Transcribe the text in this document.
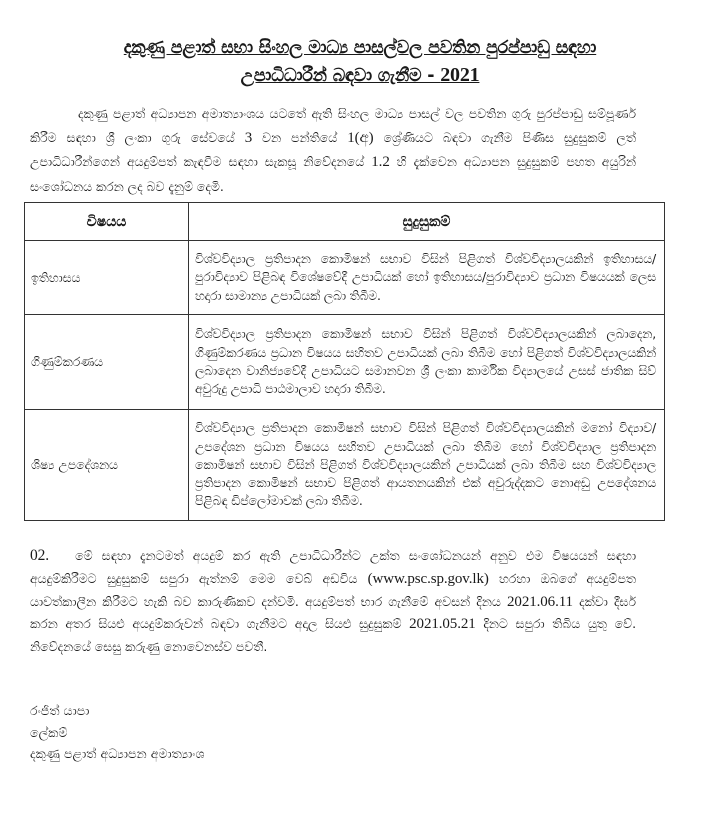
දකුණු පළාත් සභා සිංහල මාධ්‍ය පාසල්වල පවතින පුරප්පාඩු සඳහා
උපාධිධාරීන් බඳවා ගැනීම - 2021
දකුණු පළාත් අධ්‍යාපන අමාත්‍යාංශය යටතේ ඇති සිංහල මාධ්‍ය පාසල් වල පවතින ගුරු පුරප්පාඩු සම්පූර්ණ කිරීම සඳහා ශ්‍රී ලංකා ගුරු සේවයේ 3 වන පන්තියේ 1(අ) ශ්‍රේණියට බඳවා ගැනීම පිණිස සුදුසුකම් ලත් උපාධිධාරීන්ගෙන් අයදුම්පත් කැඳවීම සඳහා සැකසූ නිවේදනයේ 1.2 හි දැක්වෙන අධ්‍යාපන සුදුසුකම් පහත අයුරින් සංශෝධනය කරන ලද බව දැනුම් දෙමි.
විෂයය	සුදුසුකම්
ඉතිහාසය	විශ්වවිද්‍යාල ප්‍රතිපාදන කොමිෂන් සභාව විසින් පිළිගත් විශ්වවිද්‍යාලයකින් ඉතිහාසය/පුරාවිද්‍යාව පිළිබඳ විශේෂවේදී උපාධියක් හෝ ඉතිහාසය/පුරාවිද්‍යාව ප්‍රධාන විෂයයක් ලෙස හදාරා සාමාන්‍ය උපාධියක් ලබා තිබීම.
ගිණුම්කරණය	විශ්වවිද්‍යාල ප්‍රතිපාදන කොමිෂන් සභාව විසින් පිළිගත් විශ්වවිද්‍යාලයකින් ලබාදෙන, ගිණුම්කරණය ප්‍රධාන විෂයය සහිතව උපාධියක් ලබා තිබීම හෝ පිළිගත් විශ්වවිද්‍යාලයකින් ලබාදෙන වානිජ්‍යවේදී උපාධියට සමානවන ශ්‍රී ලංකා කාර්මික විද්‍යාලයේ උසස් ජාතික සිව් අවුරුදු උපාධි පාඨමාලාව හදාරා තිබීම.
ශිෂ්‍ය උපදේශනය	විශ්වවිද්‍යාල ප්‍රතිපාදන කොමිෂන් සභාව විසින් පිළිගත් විශ්වවිද්‍යාලයකින් මනෝ විද්‍යාව/උපදේශන ප්‍රධාන විෂයය සහිතව උපාධියක් ලබා තිබීම හෝ විශ්වවිද්‍යාල ප්‍රතිපාදන කොමිෂන් සභාව විසින් පිළිගත් විශ්වවිද්‍යාලයකින් උපාධියක් ලබා තිබීම සහ විශ්වවිද්‍යාල ප්‍රතිපාදන කොමිෂන් සභාව පිළිගත් ආයතනයකින් එක් අවුරුද්දකට නොඅඩු උපදේශනය පිළිබඳ ඩිප්ලෝමාවක් ලබා තිබීම.
02. මේ සඳහා දැනටමත් අයදුම් කර ඇති උපාධිධාරීන්ට උක්ත සංශෝධනයන් අනුව එම විෂයයන් සඳහා අයදුම්කිරීමට සුදුසුකම් සපුරා ඇත්නම් මෙම වෙබ් අඩවිය (www.psc.sp.gov.lk) හරහා ඔබගේ අයදුම්පත යාවත්කාලීන කිරීමට හැකි බව කාරුණිකව දන්වමි. අයදුම්පත් භාර ගැනීමේ අවසන් දිනය 2021.06.11 දක්වා දීර්ඝ කරන අතර සියළු අයදුම්කරුවන් බඳවා ගැනීමට අදාල සියළු සුදුසුකම් 2021.05.21 දිනට සපුරා තිබිය යුතු වේ. නිවේදනයේ සෙසු කරුණු නොවෙනස්ව පවතී.
රංජිත් යාපා
ලේකම්
දකුණු පළාත් අධ්‍යාපන අමාත්‍යාංශ
